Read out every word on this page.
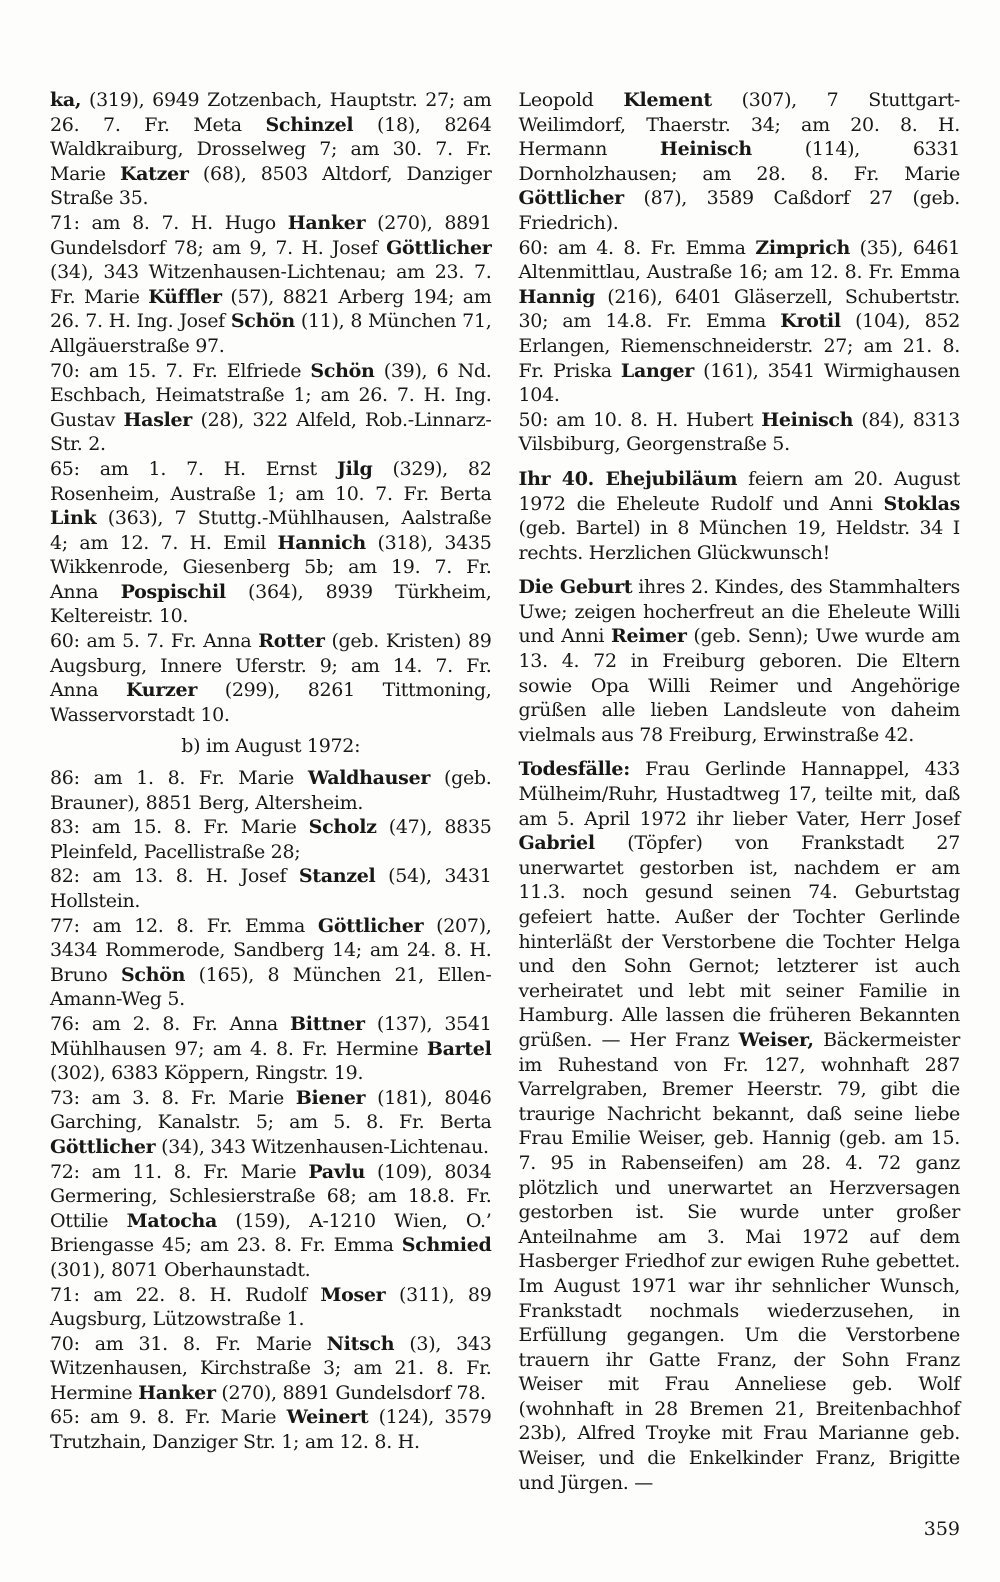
ka, (319), 6949 Zotzenbach, Hauptstr. 27; am 26. 7. Fr. Meta Schinzel (18), 8264 Waldkraiburg, Drosselweg 7; am 30. 7. Fr. Marie Katzer (68), 8503 Altdorf, Danziger Straße 35.

71: am 8. 7. H. Hugo Hanker (270), 8891 Gundelsdorf 78; am 9, 7. H. Josef Göttlicher (34), 343 Witzenhausen-Lichtenau; am 23. 7. Fr. Marie Küffler (57), 8821 Arberg 194; am 26. 7. H. Ing. Josef Schön (11), 8 München 71, Allgäuerstraße 97.

70: am 15. 7. Fr. Elfriede Schön (39), 6 Nd. Eschbach, Heimatstraße 1; am 26. 7. H. Ing. Gustav Hasler (28), 322 Alfeld, Rob.-Linnarz-Str. 2.

65: am 1. 7. H. Ernst Jilg (329), 82 Rosenheim, Austraße 1; am 10. 7. Fr. Berta Link (363), 7 Stuttg.-Mühlhausen, Aalstraße 4; am 12. 7. H. Emil Hannich (318), 3435 Wikkenrode, Giesenberg 5b; am 19. 7. Fr. Anna Pospischil (364), 8939 Türkheim, Keltereistr. 10.

60: am 5. 7. Fr. Anna Rotter (geb. Kristen) 89 Augsburg, Innere Uferstr. 9; am 14. 7. Fr. Anna Kurzer (299), 8261 Tittmoning, Wasservorstadt 10.

b) im August 1972:

86: am 1. 8. Fr. Marie Waldhauser (geb. Brauner), 8851 Berg, Altersheim.

83: am 15. 8. Fr. Marie Scholz (47), 8835 Pleinfeld, Pacellistraße 28;

82: am 13. 8. H. Josef Stanzel (54), 3431 Hollstein.

77: am 12. 8. Fr. Emma Göttlicher (207), 3434 Rommerode, Sandberg 14; am 24. 8. H. Bruno Schön (165), 8 München 21, Ellen-Amann-Weg 5.

76: am 2. 8. Fr. Anna Bittner (137), 3541 Mühlhausen 97; am 4. 8. Fr. Hermine Bartel (302), 6383 Köppern, Ringstr. 19.

73: am 3. 8. Fr. Marie Biener (181), 8046 Garching, Kanalstr. 5; am 5. 8. Fr. Berta Göttlicher (34), 343 Witzenhausen-Lichtenau.

72: am 11. 8. Fr. Marie Pavlu (109), 8034 Germering, Schlesierstraße 68; am 18.8. Fr. Ottilie Matocha (159), A-1210 Wien, O.’ Briengasse 45; am 23. 8. Fr. Emma Schmied (301), 8071 Oberhaunstadt.

71: am 22. 8. H. Rudolf Moser (311), 89 Augsburg, Lützowstraße 1.

70: am 31. 8. Fr. Marie Nitsch (3), 343 Witzenhausen, Kirchstraße 3; am 21. 8. Fr. Hermine Hanker (270), 8891 Gundelsdorf 78.

65: am 9. 8. Fr. Marie Weinert (124), 3579 Trutzhain, Danziger Str. 1; am 12. 8. H.

Leopold Klement (307), 7 Stuttgart-Weilimdorf, Thaerstr. 34; am 20. 8. H. Hermann Heinisch (114), 6331 Dornholzhausen; am 28. 8. Fr. Marie Göttlicher (87), 3589 Caßdorf 27 (geb. Friedrich).

60: am 4. 8. Fr. Emma Zimprich (35), 6461 Altenmittlau, Austraße 16; am 12. 8. Fr. Emma Hannig (216), 6401 Gläserzell, Schubertstr. 30; am 14.8. Fr. Emma Krotil (104), 852 Erlangen, Riemenschneiderstr. 27; am 21. 8. Fr. Priska Langer (161), 3541 Wirmighausen 104.

50: am 10. 8. H. Hubert Heinisch (84), 8313 Vilsbiburg, Georgenstraße 5.

Ihr 40. Ehejubiläum feiern am 20. August 1972 die Eheleute Rudolf und Anni Stoklas (geb. Bartel) in 8 München 19, Heldstr. 34 I rechts. Herzlichen Glückwunsch!

Die Geburt ihres 2. Kindes, des Stammhalters Uwe; zeigen hocherfreut an die Eheleute Willi und Anni Reimer (geb. Senn); Uwe wurde am 13. 4. 72 in Freiburg geboren. Die Eltern sowie Opa Willi Reimer und Angehörige grüßen alle lieben Landsleute von daheim vielmals aus 78 Freiburg, Erwinstraße 42.

Todesfälle: Frau Gerlinde Hannappel, 433 Mülheim/Ruhr, Hustadtweg 17, teilte mit, daß am 5. April 1972 ihr lieber Vater, Herr Josef Gabriel (Töpfer) von Frankstadt 27 unerwartet gestorben ist, nachdem er am 11.3. noch gesund seinen 74. Geburtstag gefeiert hatte. Außer der Tochter Gerlinde hinterläßt der Verstorbene die Tochter Helga und den Sohn Gernot; letzterer ist auch verheiratet und lebt mit seiner Familie in Hamburg. Alle lassen die früheren Bekannten grüßen. — Her Franz Weiser, Bäckermeister im Ruhestand von Fr. 127, wohnhaft 287 Varrelgraben, Bremer Heerstr. 79, gibt die traurige Nachricht bekannt, daß seine liebe Frau Emilie Weiser, geb. Hannig (geb. am 15. 7. 95 in Rabenseifen) am 28. 4. 72 ganz plötzlich und unerwartet an Herzversagen gestorben ist. Sie wurde unter großer Anteilnahme am 3. Mai 1972 auf dem Hasberger Friedhof zur ewigen Ruhe gebettet. Im August 1971 war ihr sehnlicher Wunsch, Frankstadt nochmals wiederzusehen, in Erfüllung gegangen. Um die Verstorbene trauern ihr Gatte Franz, der Sohn Franz Weiser mit Frau Anneliese geb. Wolf (wohnhaft in 28 Bremen 21, Breitenbachhof 23b), Alfred Troyke mit Frau Marianne geb. Weiser, und die Enkelkinder Franz, Brigitte und Jürgen. —

359
